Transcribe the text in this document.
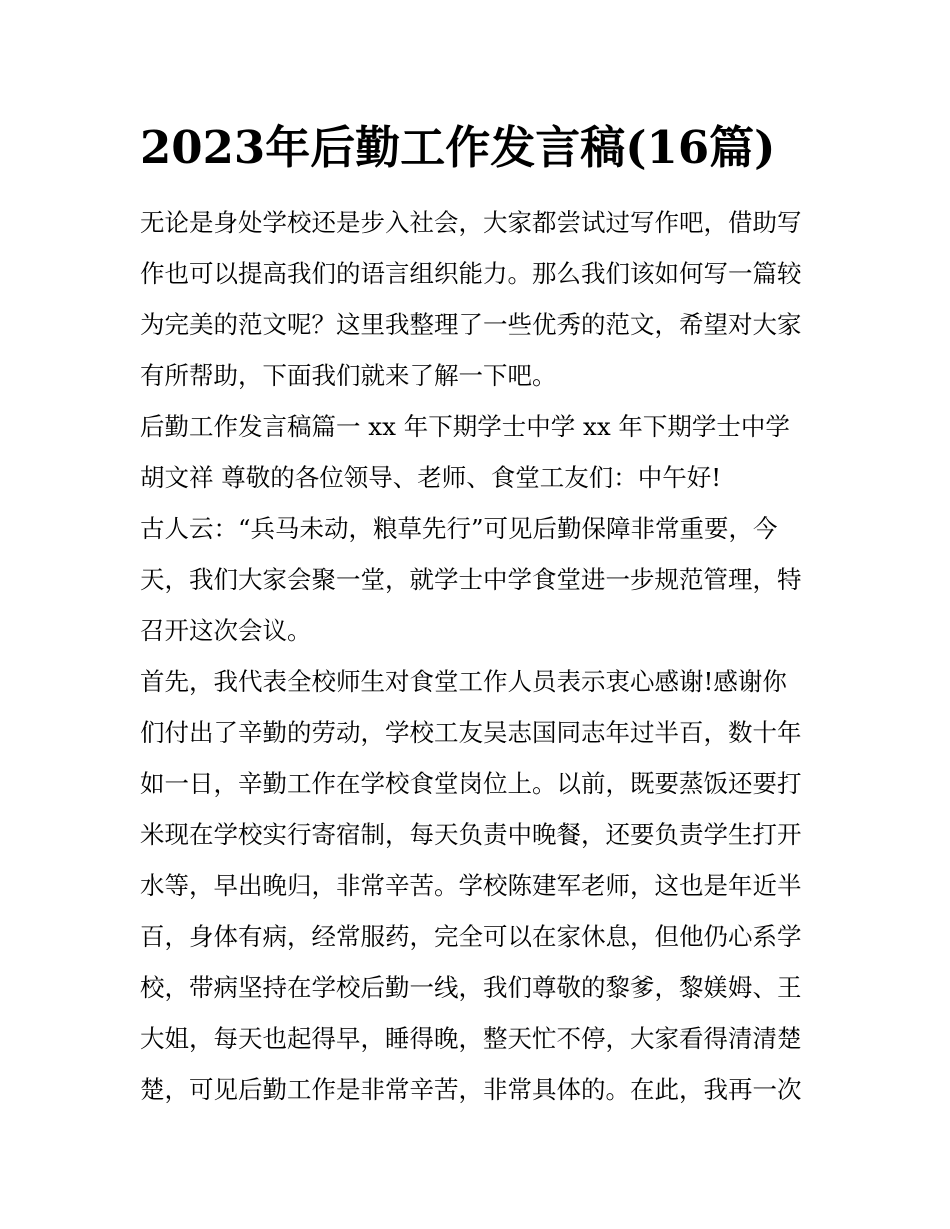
2023年后勤工作发言稿(16篇)

无论是身处学校还是步入社会，大家都尝试过写作吧，借助写
作也可以提高我们的语言组织能力。那么我们该如何写一篇较
为完美的范文呢？这里我整理了一些优秀的范文，希望对大家
有所帮助，下面我们就来了解一下吧。

后勤工作发言稿篇一 xx 年下期学士中学 xx 年下期学士中学
胡文祥 尊敬的各位领导、老师、食堂工友们：中午好!

古人云：“兵马未动，粮草先行”可见后勤保障非常重要，今
天，我们大家会聚一堂，就学士中学食堂进一步规范管理，特
召开这次会议。

首先，我代表全校师生对食堂工作人员表示衷心感谢!感谢你
们付出了辛勤的劳动，学校工友吴志国同志年过半百，数十年
如一日，辛勤工作在学校食堂岗位上。以前，既要蒸饭还要打
米现在学校实行寄宿制，每天负责中晚餐，还要负责学生打开
水等，早出晚归，非常辛苦。学校陈建军老师，这也是年近半
百，身体有病，经常服药，完全可以在家休息，但他仍心系学
校，带病坚持在学校后勤一线，我们尊敬的黎爹，黎媄姆、王
大姐，每天也起得早，睡得晚，整天忙不停，大家看得清清楚
楚，可见后勤工作是非常辛苦，非常具体的。在此，我再一次
